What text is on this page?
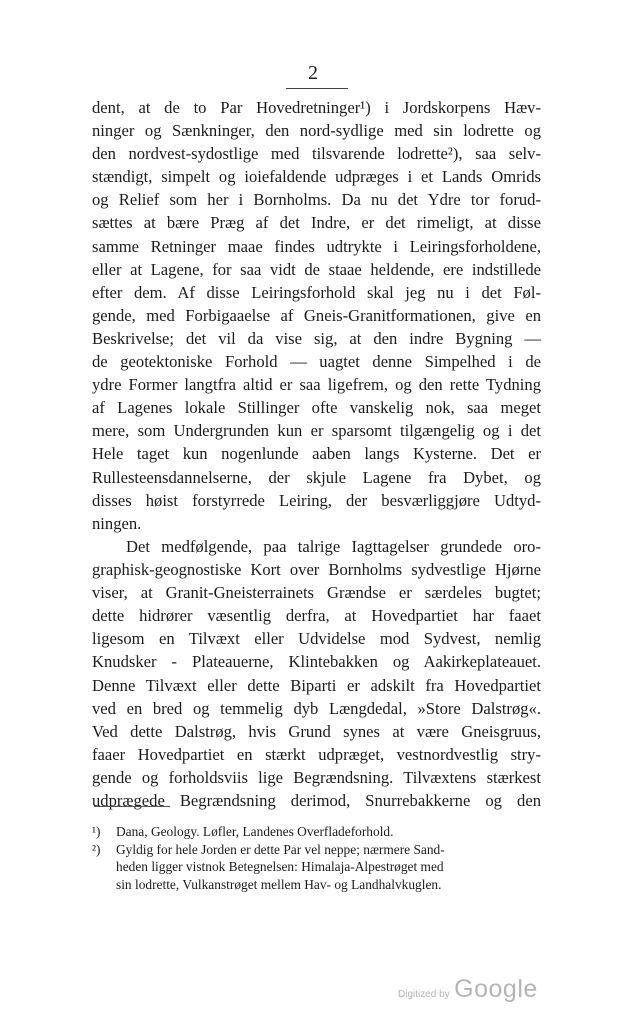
2
dent, at de to Par Hovedretninger¹) i Jordskorpens Hæv-
ninger og Sænkninger, den nord-sydlige med sin lodrette og
den nordvest-sydostlige med tilsvarende lodrette²), saa selv-
stændigt, simpelt og ioiefaldende udpræges i et Lands Omrids
og Relief som her i Bornholms. Da nu det Ydre tor forud-
sættes at bære Præg af det Indre, er det rimeligt, at disse
samme Retninger maae findes udtrykte i Leiringsforholdene,
eller at Lagene, for saa vidt de staae heldende, ere indstillede
efter dem. Af disse Leiringsforhold skal jeg nu i det Føl-
gende, med Forbigaaelse af Gneis-Granitformationen, give en
Beskrivelse; det vil da vise sig, at den indre Bygning —
de geotektoniske Forhold — uagtet denne Simpelhed i de
ydre Former langtfra altid er saa ligefrem, og den rette Tydning
af Lagenes lokale Stillinger ofte vanskelig nok, saa meget
mere, som Undergrunden kun er sparsomt tilgængelig og i det
Hele taget kun nogenlunde aaben langs Kysterne. Det er
Rullesteensdannelserne, der skjule Lagene fra Dybet, og
disses høist forstyrrede Leiring, der besværliggjøre Udtyd-
ningen.
Det medfølgende, paa talrige Iagttagelser grundede oro-
graphisk-geognostiske Kort over Bornholms sydvestlige Hjørne
viser, at Granit-Gneisterrainets Grændse er særdeles bugtet;
dette hidrører væsentlig derfra, at Hovedpartiet har faaet
ligesom en Tilvæxt eller Udvidelse mod Sydvest, nemlig
Knudsker - Plateauerne, Klintebakken og Aakirkeplateauet.
Denne Tilvæxt eller dette Biparti er adskilt fra Hovedpartiet
ved en bred og temmelig dyb Længdedal, »Store Dalstrøg«.
Ved dette Dalstrøg, hvis Grund synes at være Gneisgruus,
faaer Hovedpartiet en stærkt udpræget, vestnordvestlig stry-
gende og forholdsviis lige Begrændsning. Tilvæxtens stærkest
udprægede Begrændsning derimod, Snurrebakkerne og den
¹) Dana, Geology. Løfler, Landenes Overfladeforhold.
²) Gyldig for hele Jorden er dette Par vel neppe; nærmere Sand-
heden ligger vistnok Betegnelsen: Himalaja-Alpestrøget med
sin lodrette, Vulkanstrøget mellem Hav- og Landhalvkuglen.
Digitized by Google
